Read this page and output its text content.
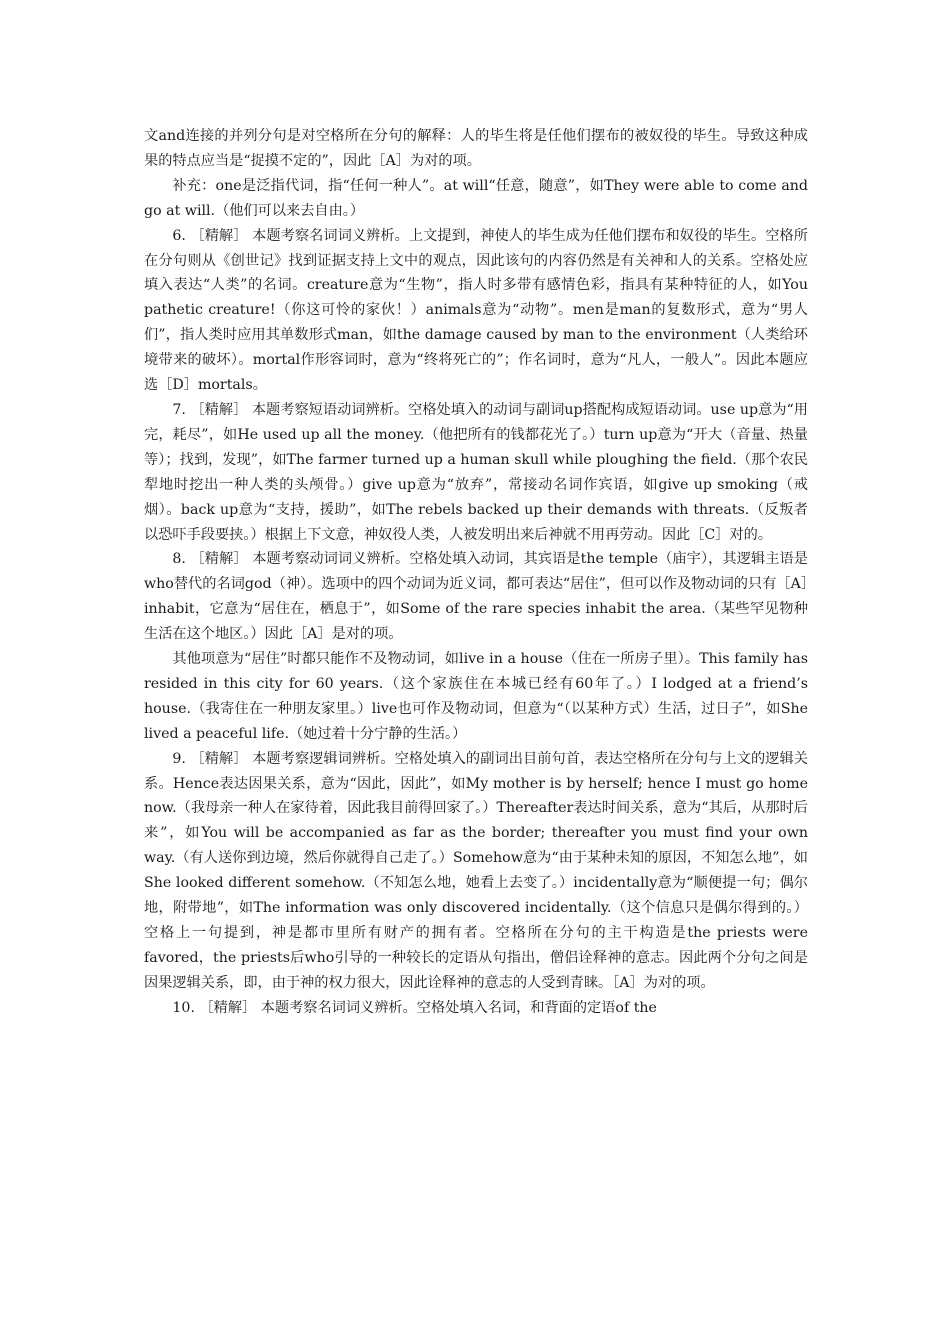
文and连接的并列分句是对空格所在分句的解释：人的毕生将是任他们摆布的被奴役的毕生。导致这种成果的特点应当是“捉摸不定的”，因此［A］为对的项。

补充：one是泛指代词，指“任何一种人”。at will“任意，随意”，如They were able to come and go at will.（他们可以来去自由。）

6. ［精解］ 本题考察名词词义辨析。上文提到，神使人的毕生成为任他们摆布和奴役的毕生。空格所在分句则从《创世记》找到证据支持上文中的观点，因此该句的内容仍然是有关神和人的关系。空格处应填入表达“人类”的名词。creature意为“生物”，指人时多带有感情色彩，指具有某种特征的人，如You pathetic creature!（你这可怜的家伙！）animals意为“动物”。men是man的复数形式，意为“男人们”，指人类时应用其单数形式man，如the damage caused by man to the environment（人类给环境带来的破坏）。mortal作形容词时，意为“终将死亡的”；作名词时，意为“凡人，一般人”。因此本题应选［D］mortals。

7. ［精解］ 本题考察短语动词辨析。空格处填入的动词与副词up搭配构成短语动词。use up意为“用完，耗尽”，如He used up all the money.（他把所有的钱都花光了。）turn up意为“开大（音量、热量等）；找到，发现”，如The farmer turned up a human skull while ploughing the field.（那个农民犁地时挖出一种人类的头颅骨。）give up意为“放弃”，常接动名词作宾语，如give up smoking（戒烟）。back up意为“支持，援助”，如The rebels backed up their demands with threats.（反叛者以恐吓手段要挟。）根据上下文意，神奴役人类，人被发明出来后神就不用再劳动。因此［C］对的。

8. ［精解］ 本题考察动词词义辨析。空格处填入动词，其宾语是the temple（庙宇），其逻辑主语是who替代的名词god（神）。选项中的四个动词为近义词，都可表达“居住”，但可以作及物动词的只有［A］inhabit，它意为“居住在，栖息于”，如Some of the rare species inhabit the area.（某些罕见物种生活在这个地区。）因此［A］是对的项。

其他项意为“居住”时都只能作不及物动词，如live in a house（住在一所房子里）。This family has resided in this city for 60 years.（这个家族住在本城已经有60年了。）I lodged at a friend’s house.（我寄住在一种朋友家里。）live也可作及物动词，但意为“（以某种方式）生活，过日子”，如She lived a peaceful life.（她过着十分宁静的生活。）

9. ［精解］ 本题考察逻辑词辨析。空格处填入的副词出目前句首，表达空格所在分句与上文的逻辑关系。Hence表达因果关系，意为“因此，因此”，如My mother is by herself; hence I must go home now.（我母亲一种人在家待着，因此我目前得回家了。）Thereafter表达时间关系，意为“其后，从那时后来”，如You will be accompanied as far as the border; thereafter you must find your own way.（有人送你到边境，然后你就得自己走了。）Somehow意为“由于某种未知的原因，不知怎么地”，如She looked different somehow.（不知怎么地，她看上去变了。）incidentally意为“顺便提一句；偶尔地，附带地”，如The information was only discovered incidentally.（这个信息只是偶尔得到的。）空格上一句提到，神是都市里所有财产的拥有者。空格所在分句的主干构造是the priests were favored，the priests后who引导的一种较长的定语从句指出，僧侣诠释神的意志。因此两个分句之间是因果逻辑关系，即，由于神的权力很大，因此诠释神的意志的人受到青睐。［A］为对的项。

10. ［精解］ 本题考察名词词义辨析。空格处填入名词，和背面的定语of the
